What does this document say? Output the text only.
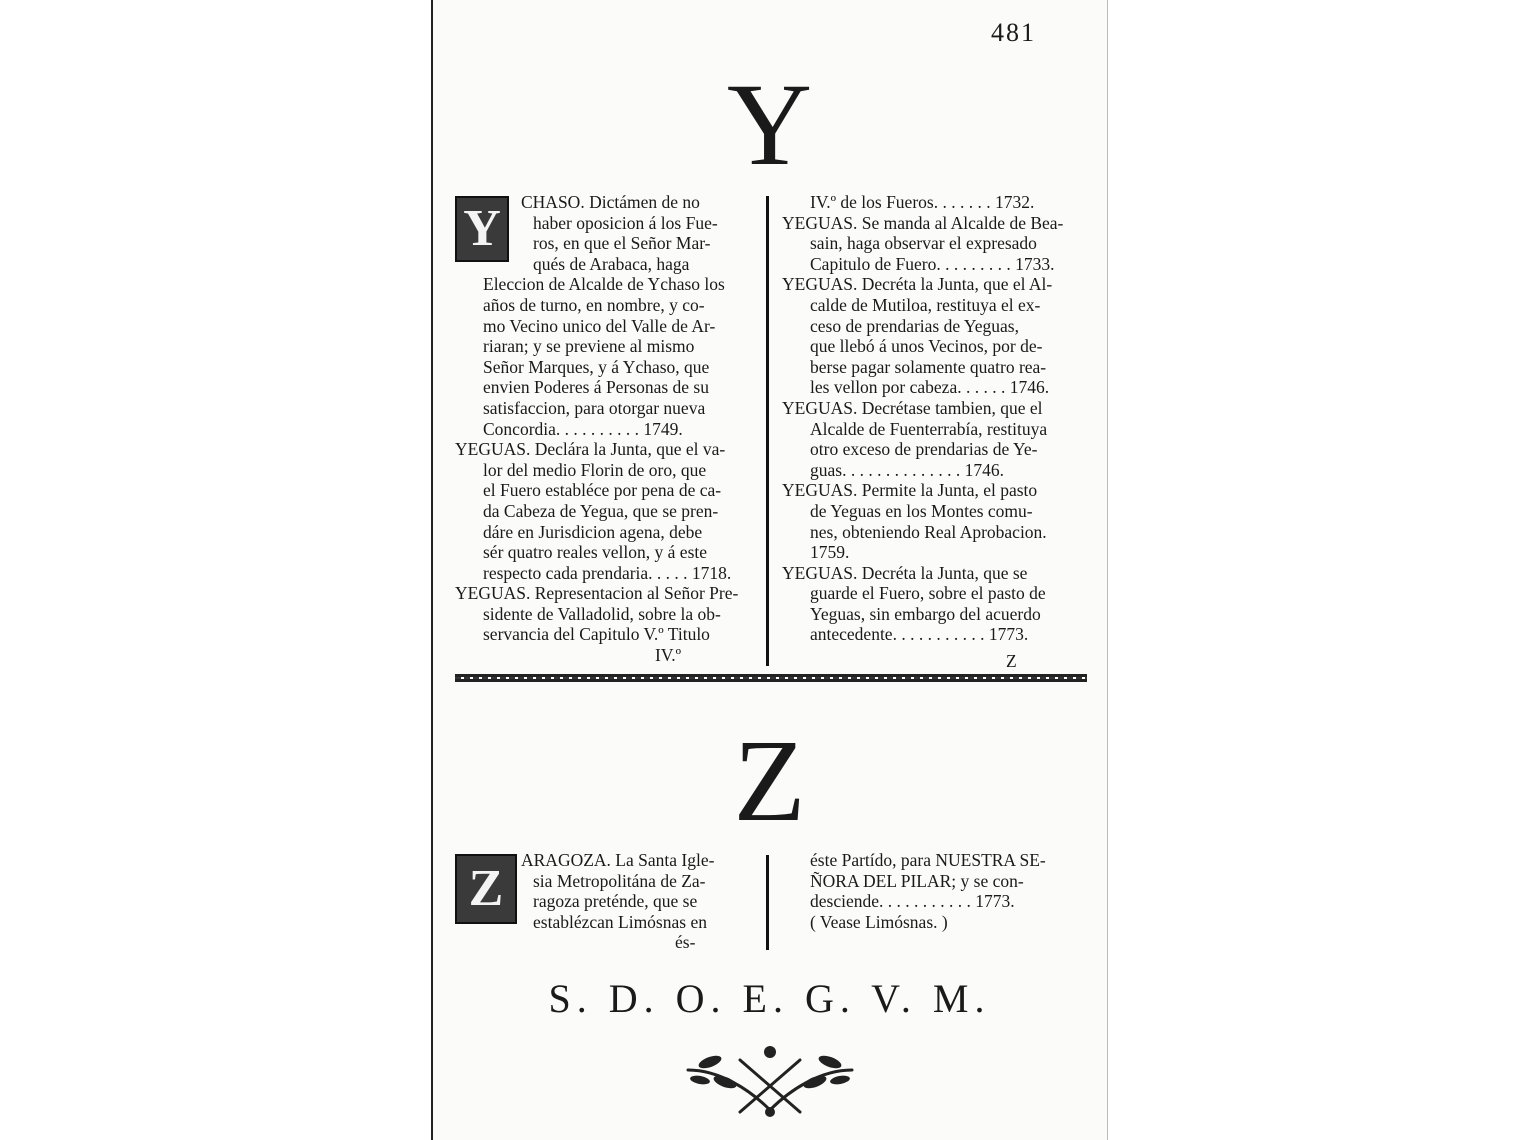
481
Y
Y	CHASO. Dictámen de no

haber oposicion á los Fue-

ros, en que el Señor Mar-

qués de Arabaca, haga

Eleccion de Alcalde de Ychaso los

años de turno, en nombre, y co-

mo Vecino unico del Valle de Ar-

riaran; y se previene al mismo

Señor Marques, y á Ychaso, que

envien Poderes á Personas de su

satisfaccion, para otorgar nueva

Concordia. . . . . . . . . . 1749.

YEGUAS. Declára la Junta, que el va-

lor del medio Florin de oro, que

el Fuero establéce por pena de ca-

da Cabeza de Yegua, que se pren-

dáre en Jurisdicion agena, debe

sér quatro reales vellon, y á este

respecto cada prendaria. . . . . 1718.

YEGUAS. Representacion al Señor Pre-

sidente de Valladolid, sobre la ob-

servancia del Capitulo V.º Titulo

IV.º

IV.º de los Fueros. . . . . . . 1732.

YEGUAS. Se manda al Alcalde de Bea-

sain, haga observar el expresado

Capitulo de Fuero. . . . . . . . . 1733.

YEGUAS. Decréta la Junta, que el Al-

calde de Mutiloa, restituya el ex-

ceso de prendarias de Yeguas,

que llebó á unos Vecinos, por de-

berse pagar solamente quatro rea-

les vellon por cabeza. . . . . . 1746.

YEGUAS. Decrétase tambien, que el

Alcalde de Fuenterrabía, restituya

otro exceso de prendarias de Ye-

guas. . . . . . . . . . . . . . 1746.

YEGUAS. Permite la Junta, el pasto

de Yeguas en los Montes comu-

nes, obteniendo Real Aprobacion. 1759.

YEGUAS. Decréta la Junta, que se

guarde el Fuero, sobre el pasto de

Yeguas, sin embargo del acuerdo

antecedente. . . . . . . . . . . 1773.

Z

Z
Z	ARAGOZA. La Santa Igle-

sia Metropolitána de Za-

ragoza preténde, que se

establézcan Limósnas en

és-

éste Partído, para NUESTRA SE-

ÑORA DEL PILAR; y se con-

desciende. . . . . . . . . . . 1773.

( Vease Limósnas. )

S. D. O. E. G. V. M.
